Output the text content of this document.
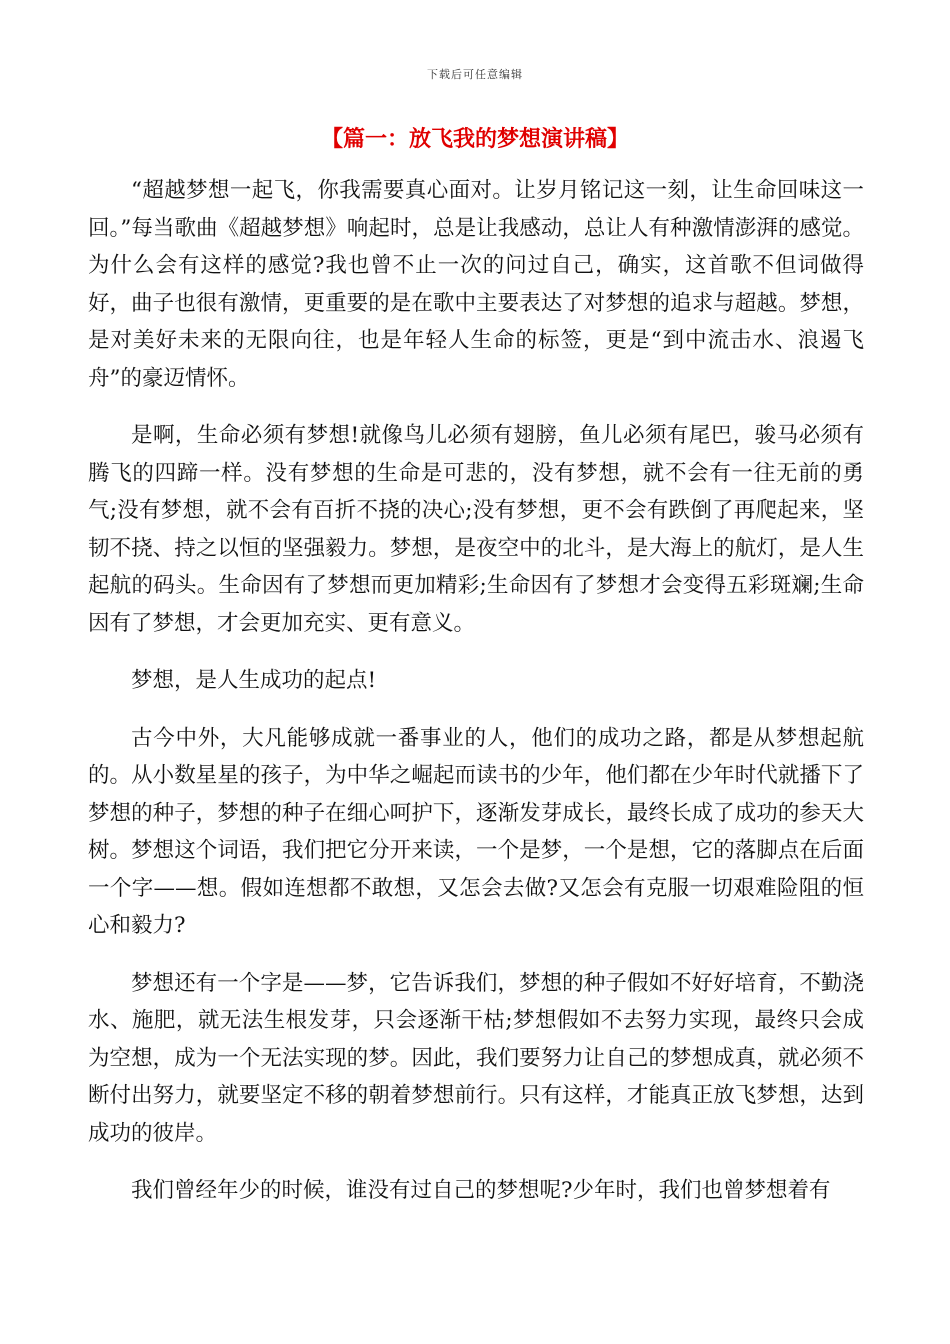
下载后可任意编辑
【篇一：放飞我的梦想演讲稿】

“超越梦想一起飞，你我需要真心面对。让岁月铭记这一刻，让生命回味这一回。”每当歌曲《超越梦想》响起时，总是让我感动，总让人有种激情澎湃的感觉。为什么会有这样的感觉?我也曾不止一次的问过自己，确实，这首歌不但词做得好，曲子也很有激情，更重要的是在歌中主要表达了对梦想的追求与超越。梦想，是对美好未来的无限向往，也是年轻人生命的标签，更是“到中流击水、浪遏飞舟”的豪迈情怀。

是啊，生命必须有梦想!就像鸟儿必须有翅膀，鱼儿必须有尾巴，骏马必须有腾飞的四蹄一样。没有梦想的生命是可悲的，没有梦想，就不会有一往无前的勇气;没有梦想，就不会有百折不挠的决心;没有梦想，更不会有跌倒了再爬起来，坚韧不挠、持之以恒的坚强毅力。梦想，是夜空中的北斗，是大海上的航灯，是人生起航的码头。生命因有了梦想而更加精彩;生命因有了梦想才会变得五彩斑斓;生命因有了梦想，才会更加充实、更有意义。

梦想，是人生成功的起点!

古今中外，大凡能够成就一番事业的人，他们的成功之路，都是从梦想起航的。从小数星星的孩子，为中华之崛起而读书的少年，他们都在少年时代就播下了梦想的种子，梦想的种子在细心呵护下，逐渐发芽成长，最终长成了成功的参天大树。梦想这个词语，我们把它分开来读，一个是梦，一个是想，它的落脚点在后面一个字——想。假如连想都不敢想，又怎会去做?又怎会有克服一切艰难险阻的恒心和毅力?

梦想还有一个字是——梦，它告诉我们，梦想的种子假如不好好培育，不勤浇水、施肥，就无法生根发芽，只会逐渐干枯;梦想假如不去努力实现，最终只会成为空想，成为一个无法实现的梦。因此，我们要努力让自己的梦想成真，就必须不断付出努力，就要坚定不移的朝着梦想前行。只有这样，才能真正放飞梦想，达到成功的彼岸。

我们曾经年少的时候，谁没有过自己的梦想呢?少年时，我们也曾梦想着有
